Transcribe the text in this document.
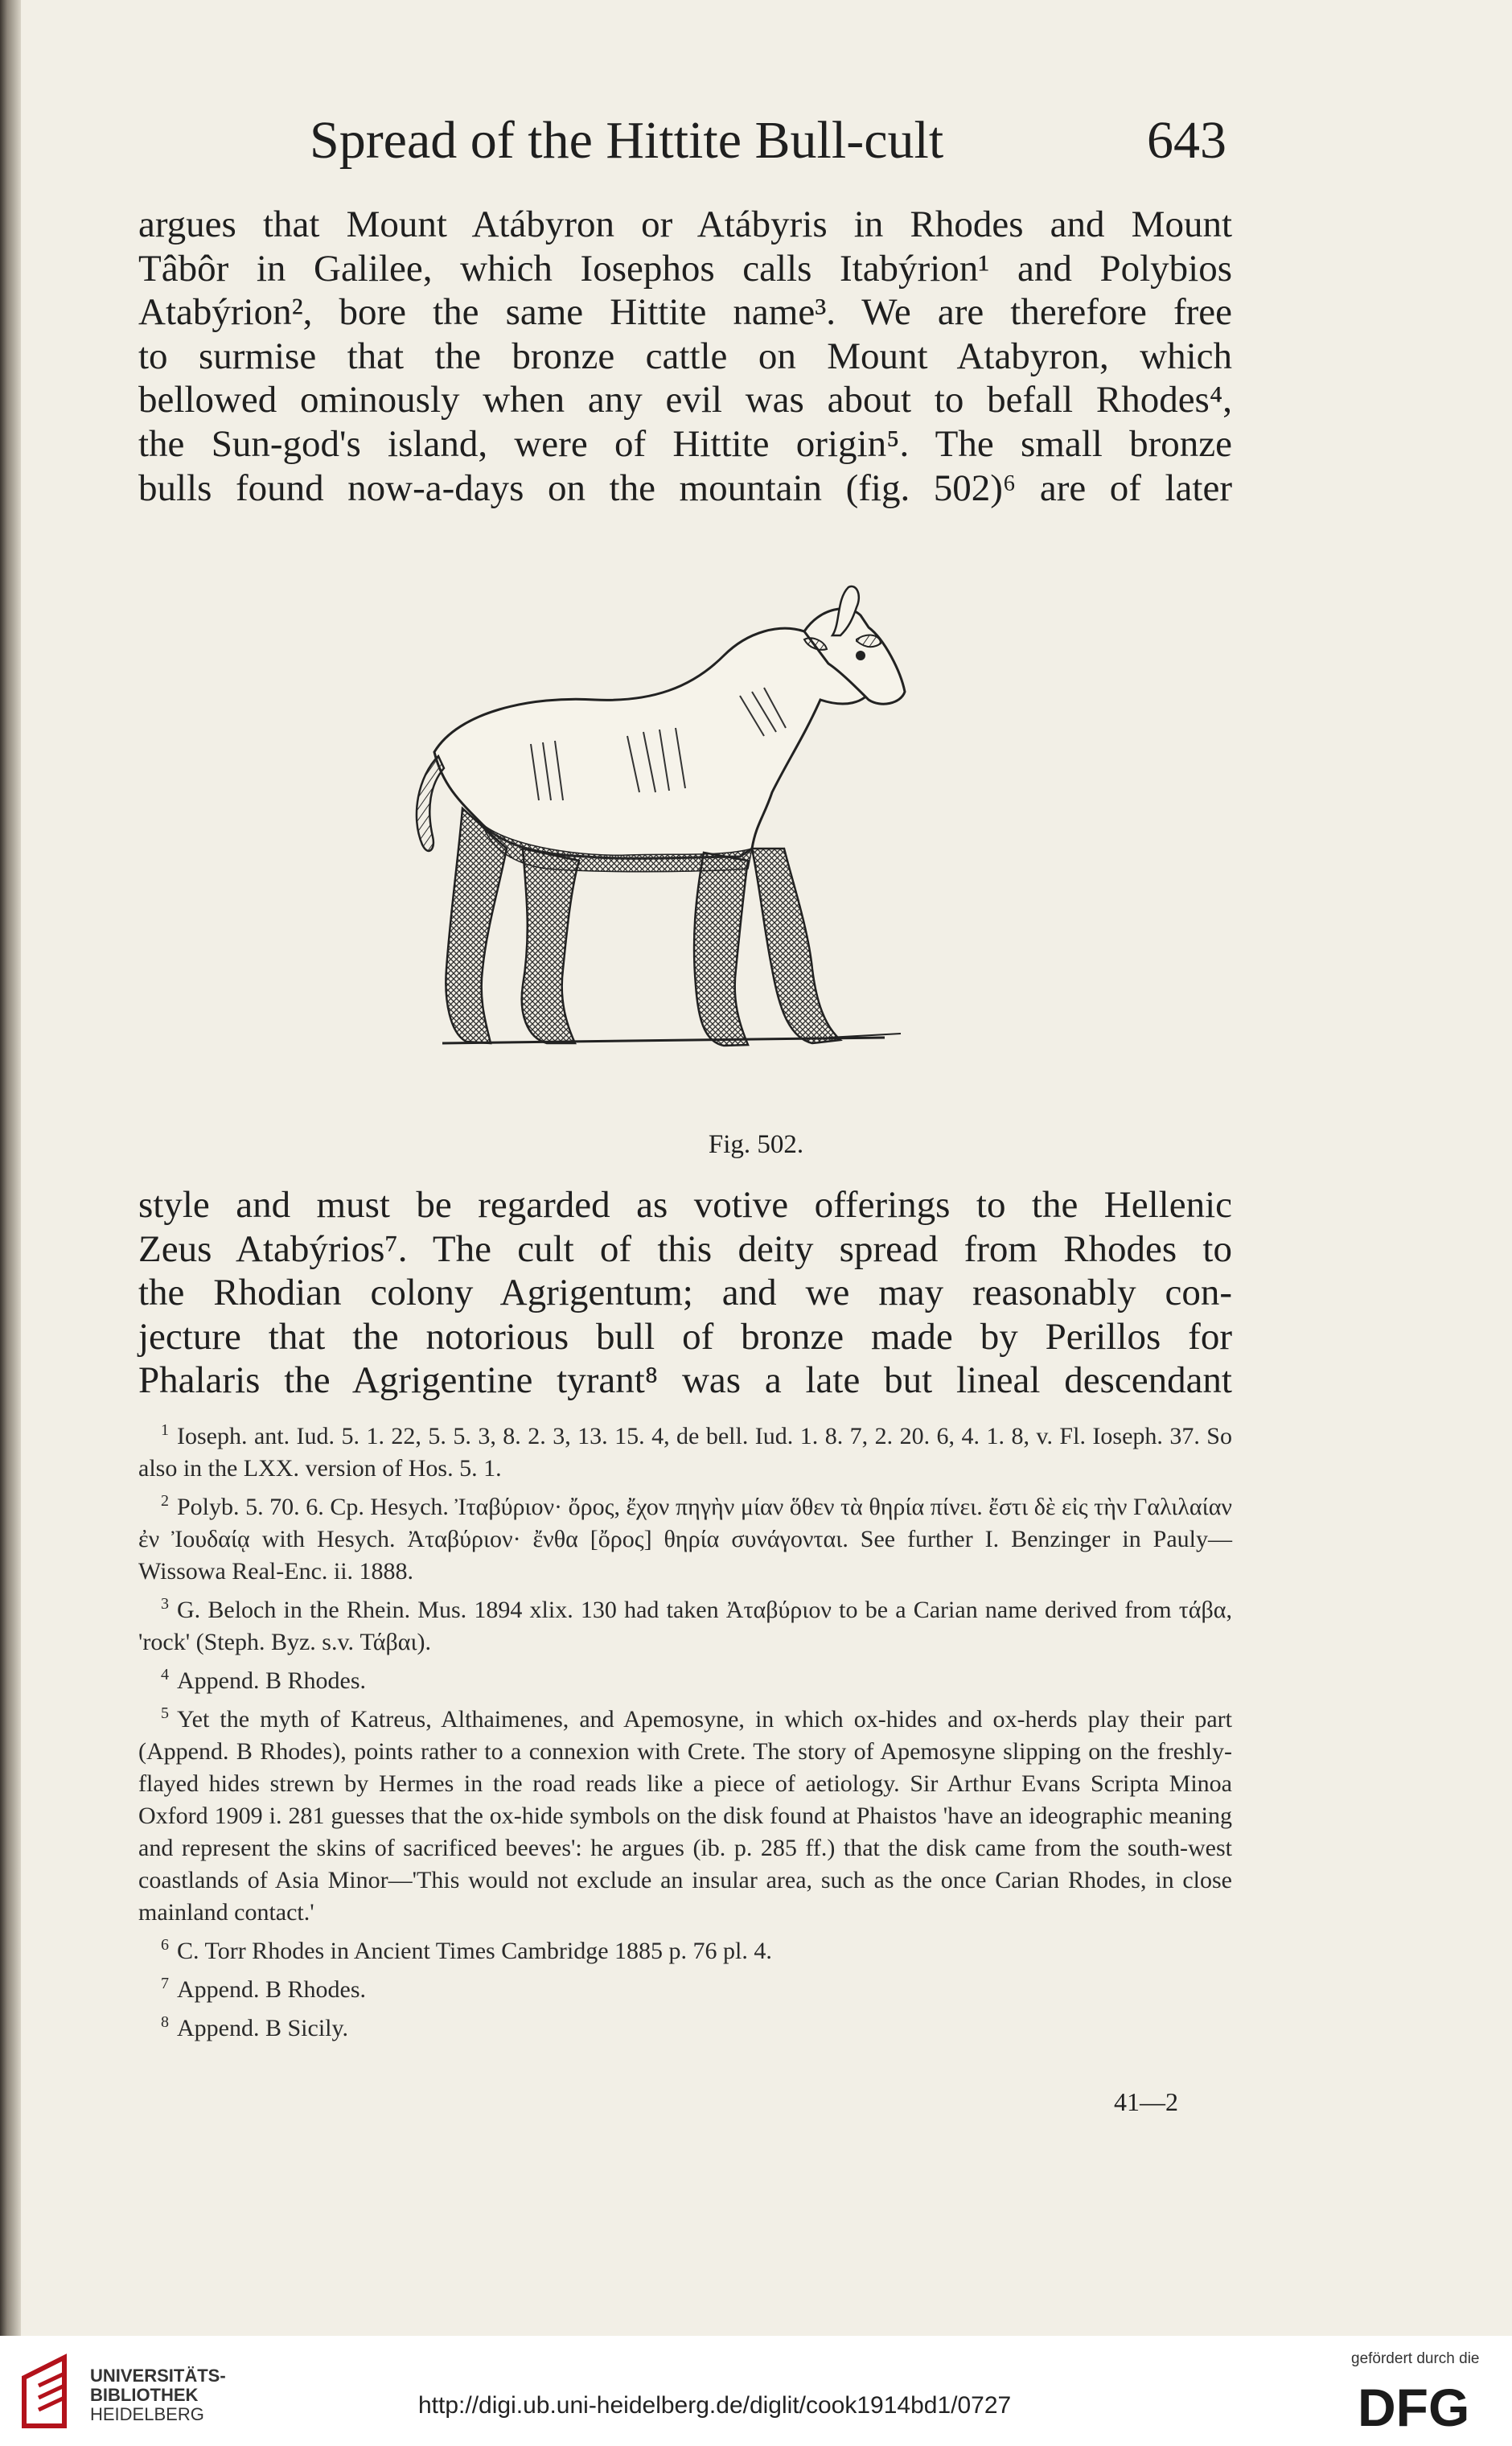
Spread of the Hittite Bull-cult	643
argues that Mount Atábyron or Atábyris in Rhodes and Mount
Tâbôr in Galilee, which Iosephos calls Itabýrion¹ and Polybios
Atabýrion², bore the same Hittite name³. We are therefore free
to surmise that the bronze cattle on Mount Atabyron, which
bellowed ominously when any evil was about to befall Rhodes⁴,
the Sun-god's island, were of Hittite origin⁵. The small bronze
bulls found now-a-days on the mountain (fig. 502)⁶ are of later
Fig. 502.
style and must be regarded as votive offerings to the Hellenic
Zeus Atabýrios⁷. The cult of this deity spread from Rhodes to
the Rhodian colony Agrigentum; and we may reasonably con-
jecture that the notorious bull of bronze made by Perillos for
Phalaris the Agrigentine tyrant⁸ was a late but lineal descendant

$^1$ Ioseph. ant. Iud. 5. 1. 22, 5. 5. 3, 8. 2. 3, 13. 15. 4, de bell. Iud. 1. 8. 7, 2. 20. 6, 4. 1. 8, v. Fl. Ioseph. 37. So also in the LXX. version of Hos. 5. 1.

$^2$ Polyb. 5. 70. 6. Cp. Hesych. Ἰταβύριον· ὄρος, ἔχον πηγὴν μίαν ὅθεν τὰ θηρία πίνει. ἔστι δὲ εἰς τὴν Γαλιλαίαν ἐν Ἰουδαίᾳ with Hesych. Ἀταβύριον· ἔνθα [ὄρος] θηρία συνάγονται. See further I. Benzinger in Pauly—Wissowa Real-Enc. ii. 1888.

$^3$ G. Beloch in the Rhein. Mus. 1894 xlix. 130 had taken Ἀταβύριον to be a Carian name derived from τάβα, 'rock' (Steph. Byz. s.v. Τάβαι).

$^4$ Append. B Rhodes.

$^5$ Yet the myth of Katreus, Althaimenes, and Apemosyne, in which ox-hides and ox-herds play their part (Append. B Rhodes), points rather to a connexion with Crete. The story of Apemosyne slipping on the freshly-flayed hides strewn by Hermes in the road reads like a piece of aetiology. Sir Arthur Evans Scripta Minoa Oxford 1909 i. 281 guesses that the ox-hide symbols on the disk found at Phaistos 'have an ideographic meaning and represent the skins of sacrificed beeves': he argues (ib. p. 285 ff.) that the disk came from the south-west coastlands of Asia Minor—'This would not exclude an insular area, such as the once Carian Rhodes, in close mainland contact.'

$^6$ C. Torr Rhodes in Ancient Times Cambridge 1885 p. 76 pl. 4.

$^7$ Append. B Rhodes.

$^8$ Append. B Sicily.

41—2
UNIVERSITÄTS-
BIBLIOTHEK
HEIDELBERG	http://digi.ub.uni-heidelberg.de/diglit/cook1914bd1/0727
gefördert durch die
DFG
